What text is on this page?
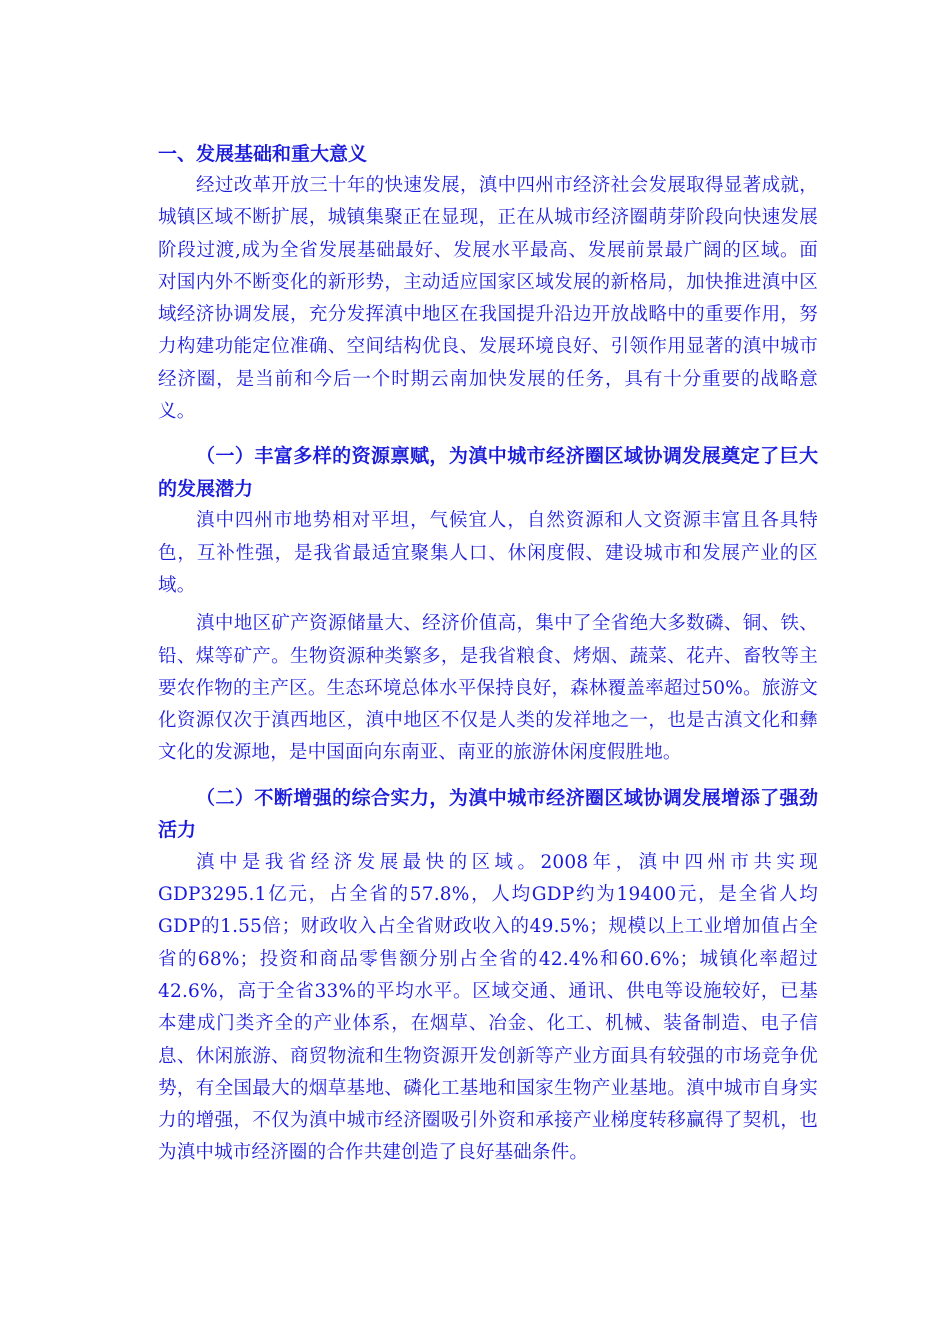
一、发展基础和重大意义

经过改革开放三十年的快速发展，滇中四州市经济社会发展取得显著成就，城镇区域不断扩展，城镇集聚正在显现，正在从城市经济圈萌芽阶段向快速发展阶段过渡,成为全省发展基础最好、发展水平最高、发展前景最广阔的区域。面对国内外不断变化的新形势，主动适应国家区域发展的新格局，加快推进滇中区域经济协调发展，充分发挥滇中地区在我国提升沿边开放战略中的重要作用，努力构建功能定位准确、空间结构优良、发展环境良好、引领作用显著的滇中城市经济圈，是当前和今后一个时期云南加快发展的任务，具有十分重要的战略意义。

（一）丰富多样的资源禀赋，为滇中城市经济圈区域协调发展奠定了巨大的发展潜力

滇中四州市地势相对平坦，气候宜人，自然资源和人文资源丰富且各具特色，互补性强，是我省最适宜聚集人口、休闲度假、建设城市和发展产业的区域。

滇中地区矿产资源储量大、经济价值高，集中了全省绝大多数磷、铜、铁、铅、煤等矿产。生物资源种类繁多，是我省粮食、烤烟、蔬菜、花卉、畜牧等主要农作物的主产区。生态环境总体水平保持良好，森林覆盖率超过50%。旅游文化资源仅次于滇西地区，滇中地区不仅是人类的发祥地之一，也是古滇文化和彝文化的发源地，是中国面向东南亚、南亚的旅游休闲度假胜地。

（二）不断增强的综合实力，为滇中城市经济圈区域协调发展增添了强劲活力

滇中是我省经济发展最快的区域。2008年，滇中四州市共实现GDP3295.1亿元，占全省的57.8%，人均GDP约为19400元，是全省人均GDP的1.55倍；财政收入占全省财政收入的49.5%；规模以上工业增加值占全省的68%；投资和商品零售额分别占全省的42.4%和60.6%；城镇化率超过42.6%，高于全省33%的平均水平。区域交通、通讯、供电等设施较好，已基本建成门类齐全的产业体系，在烟草、冶金、化工、机械、装备制造、电子信息、休闲旅游、商贸物流和生物资源开发创新等产业方面具有较强的市场竞争优势，有全国最大的烟草基地、磷化工基地和国家生物产业基地。滇中城市自身实力的增强，不仅为滇中城市经济圈吸引外资和承接产业梯度转移赢得了契机，也为滇中城市经济圈的合作共建创造了良好基础条件。
